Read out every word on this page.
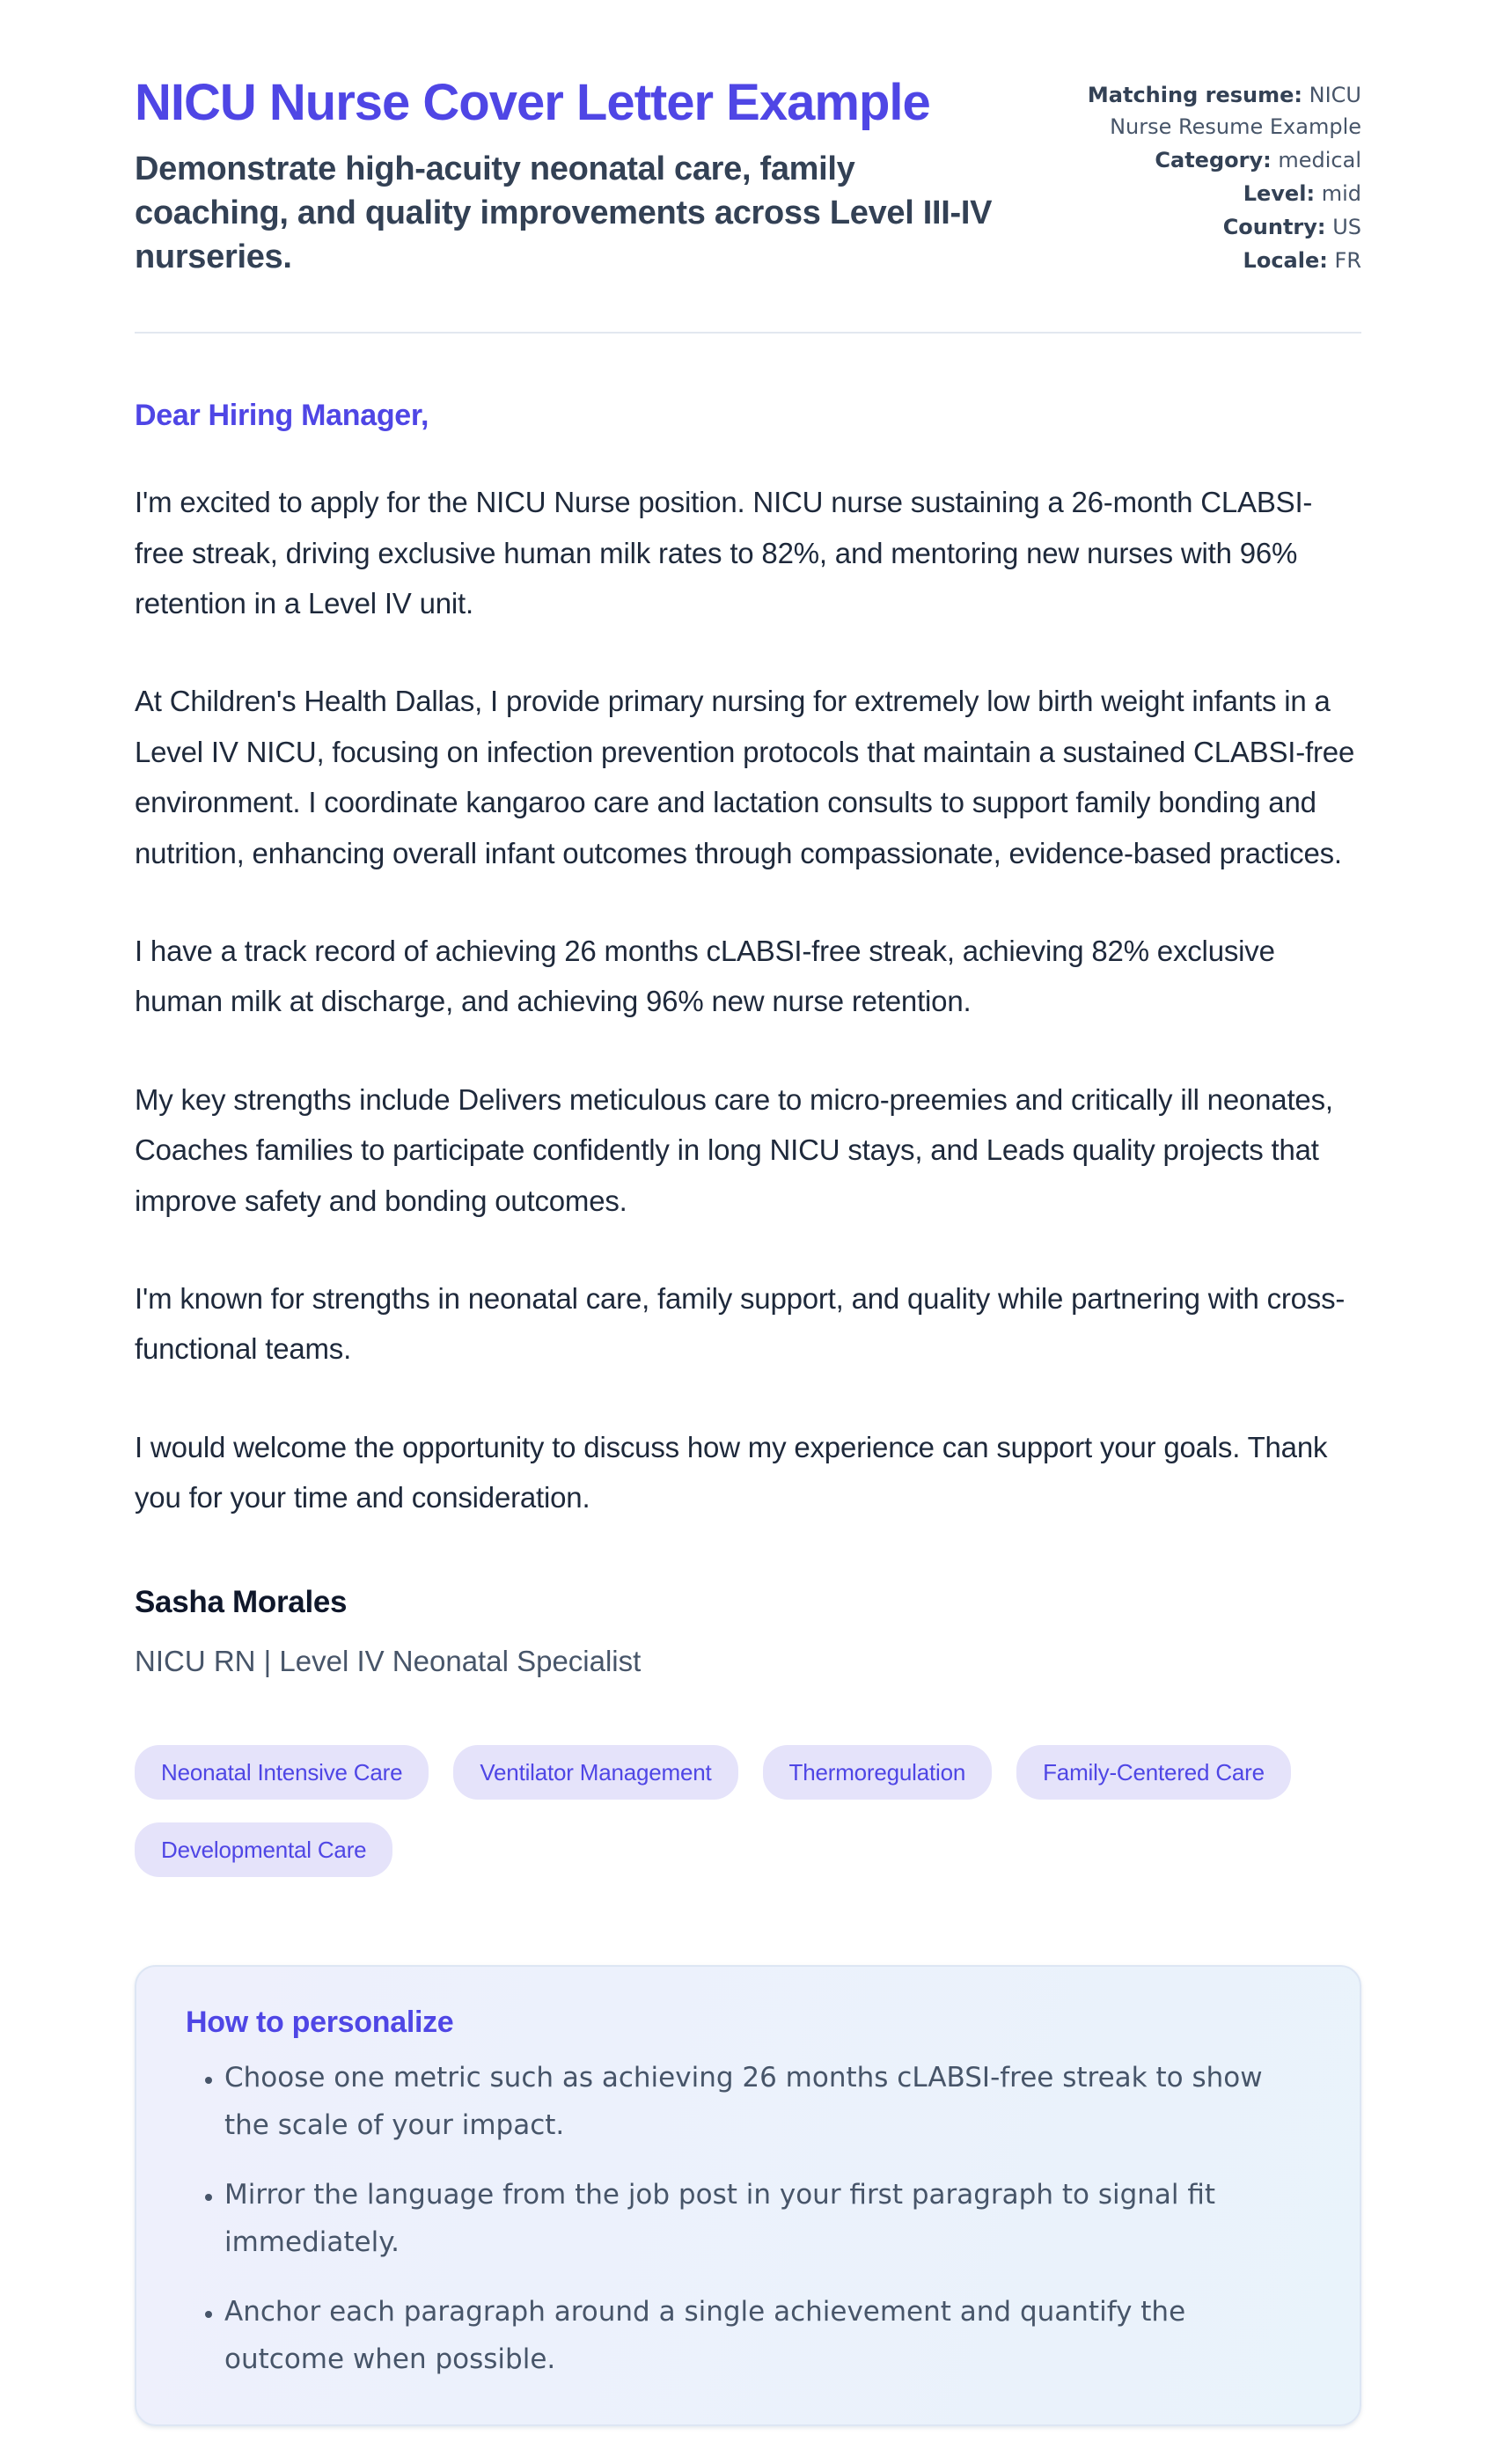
NICU Nurse Cover Letter Example

Demonstrate high-acuity neonatal care, family coaching, and quality improvements across Level III-IV nurseries.

Matching resume: NICU Nurse Resume Example
Category: medical
Level: mid
Country: US
Locale: FR

Dear Hiring Manager,

I'm excited to apply for the NICU Nurse position. NICU nurse sustaining a 26-month CLABSI-free streak, driving exclusive human milk rates to 82%, and mentoring new nurses with 96% retention in a Level IV unit.

At Children's Health Dallas, I provide primary nursing for extremely low birth weight infants in a Level IV NICU, focusing on infection prevention protocols that maintain a sustained CLABSI-free environment. I coordinate kangaroo care and lactation consults to support family bonding and nutrition, enhancing overall infant outcomes through compassionate, evidence-based practices.

I have a track record of achieving 26 months cLABSI-free streak, achieving 82% exclusive human milk at discharge, and achieving 96% new nurse retention.

My key strengths include Delivers meticulous care to micro-preemies and critically ill neonates, Coaches families to participate confidently in long NICU stays, and Leads quality projects that improve safety and bonding outcomes.

I'm known for strengths in neonatal care, family support, and quality while partnering with cross-functional teams.

I would welcome the opportunity to discuss how my experience can support your goals. Thank you for your time and consideration.

Sasha Morales

NICU RN | Level IV Neonatal Specialist

Neonatal Intensive Care	Ventilator Management	Thermoregulation	Family-Centered Care
Developmental Care
How to personalize
• Choose one metric such as achieving 26 months cLABSI-free streak to show the scale of your impact.
• Mirror the language from the job post in your first paragraph to signal fit immediately.
• Anchor each paragraph around a single achievement and quantify the outcome when possible.
